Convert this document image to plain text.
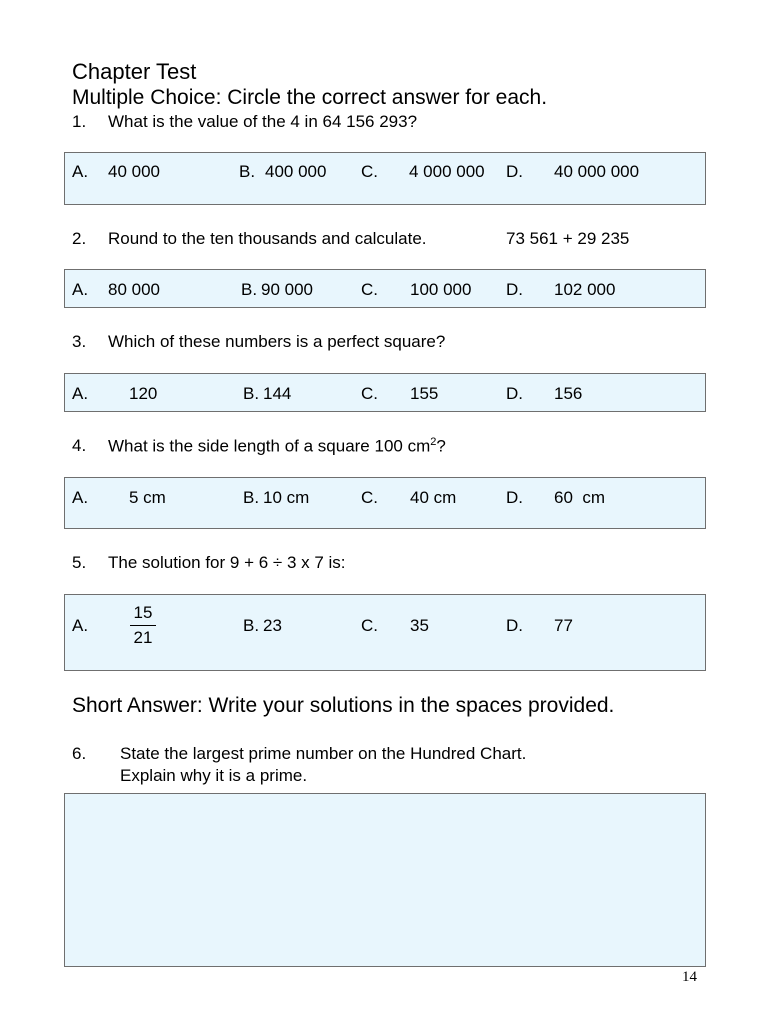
Chapter Test
Multiple Choice: Circle the correct answer for each.
1. What is the value of the 4 in 64 156 293?
A. 40 000	B. 400 000 C. 4 000 000 D. 40 000 000
2. Round to the ten thousands and calculate.	73 561 + 29 235
A. 80 000	B. 90 000	C. 100 000 D. 102 000
3. Which of these numbers is a perfect square?
A. 120	B. 144	C. 155	D. 156
4. What is the side length of a square 100 $cm^2$?
A. 5 cm	B. 10 cm	C. 40 cm	D. 60  cm
5. The solution for 9 + 6 ÷ 3 x 7 is:
A.
15
21
B. 23	C. 35	D. 77
Short Answer: Write your solutions in the spaces provided.
6. State the largest prime number on the Hundred Chart.
Explain why it is a prime.
14
